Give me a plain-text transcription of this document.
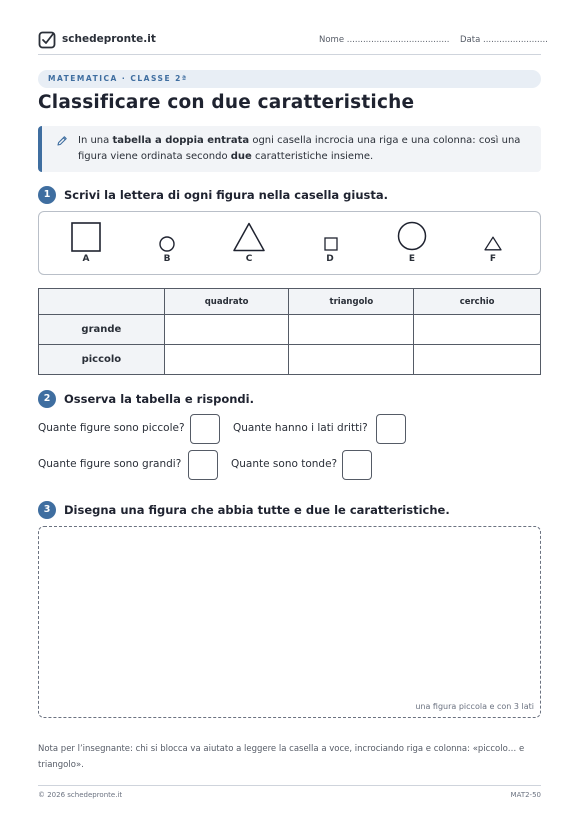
schedepronte.it	Nome ...................................... Data ........................
MATEMATICA · CLASSE 2ª
Classificare con due caratteristiche
In una tabella a doppia entrata ogni casella incrocia una riga e una colonna: così una figura viene ordinata secondo due caratteristiche insieme.
1	Scrivi la lettera di ogni figura nella casella giusta.
A	B	C	D	E	F
	quadrato	triangolo	cerchio
grande			
piccolo			
2	Osserva la tabella e rispondi.
Quante figure sono piccole?	Quante hanno i lati dritti?
Quante figure sono grandi?	Quante sono tonde?
3	Disegna una figura che abbia tutte e due le caratteristiche.
una figura piccola e con 3 lati
Nota per l’insegnante: chi si blocca va aiutato a leggere la casella a voce, incrociando riga e colonna: «piccolo… e triangolo».
© 2026 schedepronte.it	MAT2-50
